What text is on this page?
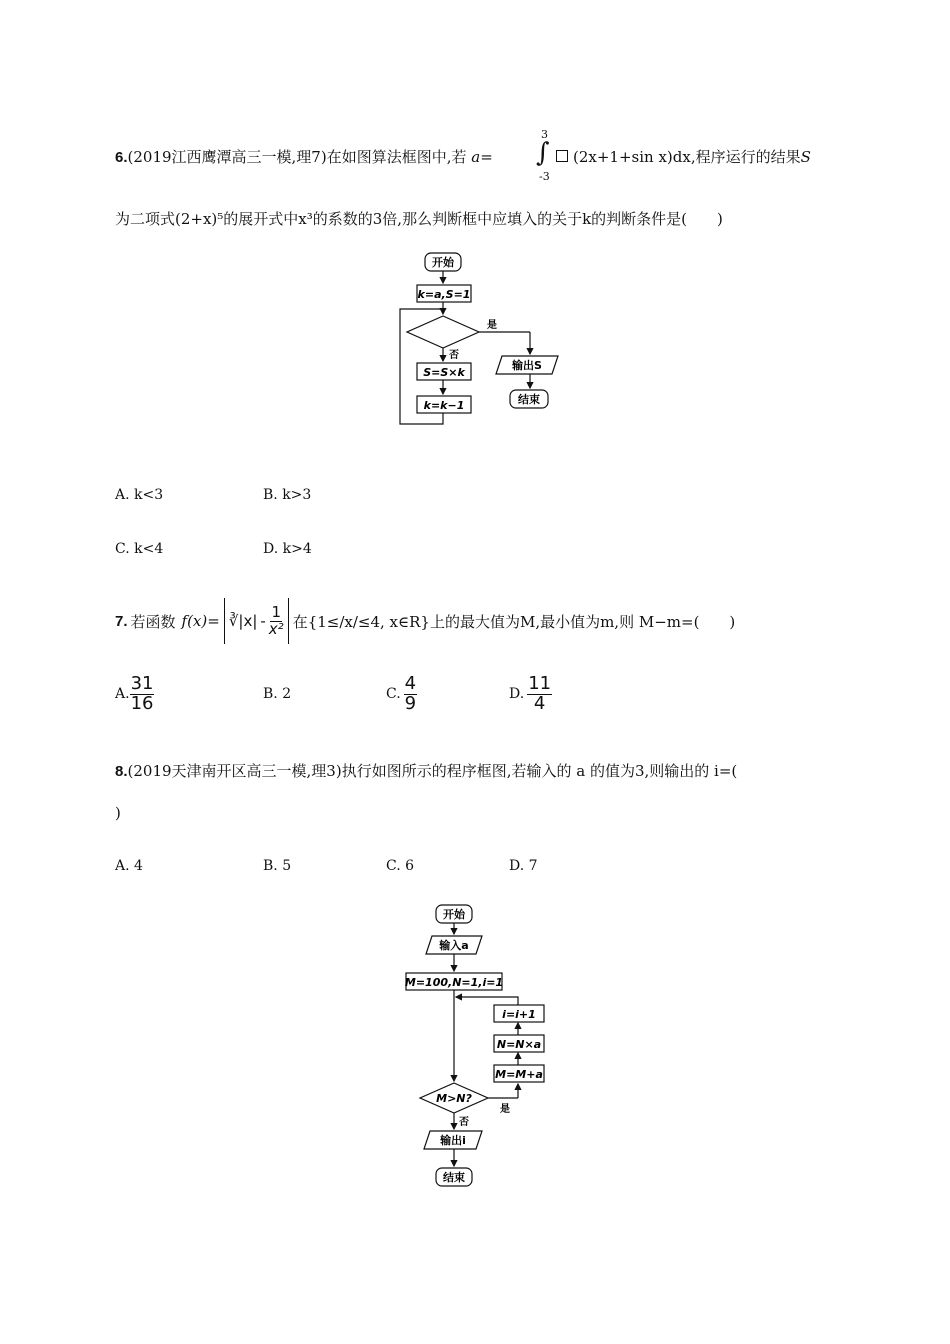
6.(2019江西鹰潭高三一模,理7)在如图算法框图中,若 a=
3
∫
-3
(2x+1+sin x)dx,程序运行的结果S
为二项式(2+x)⁵的展开式中x³的系数的3倍,那么判断框中应填入的关于k的判断条件是(　　)
开始
k=a,S=1
是
否
输出S
结束
S=S×k
k=k−1
A. k<3	B. k>3
C. k<4	D. k>4
7. 若函数 f(x)= ∛|x| - $\frac{1}{\text{x²}}$ 在{1≤/x/≤4, x∈R}上的最大值为M,最小值为m,则 M−m=(　　)
A. $\frac{31}{16}$	B. 2	C. $\frac{4}{9}$	D. $\frac{11}{4}$
8.(2019天津南开区高三一模,理3)执行如图所示的程序框图,若输入的 a 的值为3,则输出的 i=(
)
A. 4	B. 5	C. 6	D. 7
开始
输入a
M=100,N=1,i=1
i=i+1
N=N×a
M=M+a
M>N?
是
否
输出i
结束
